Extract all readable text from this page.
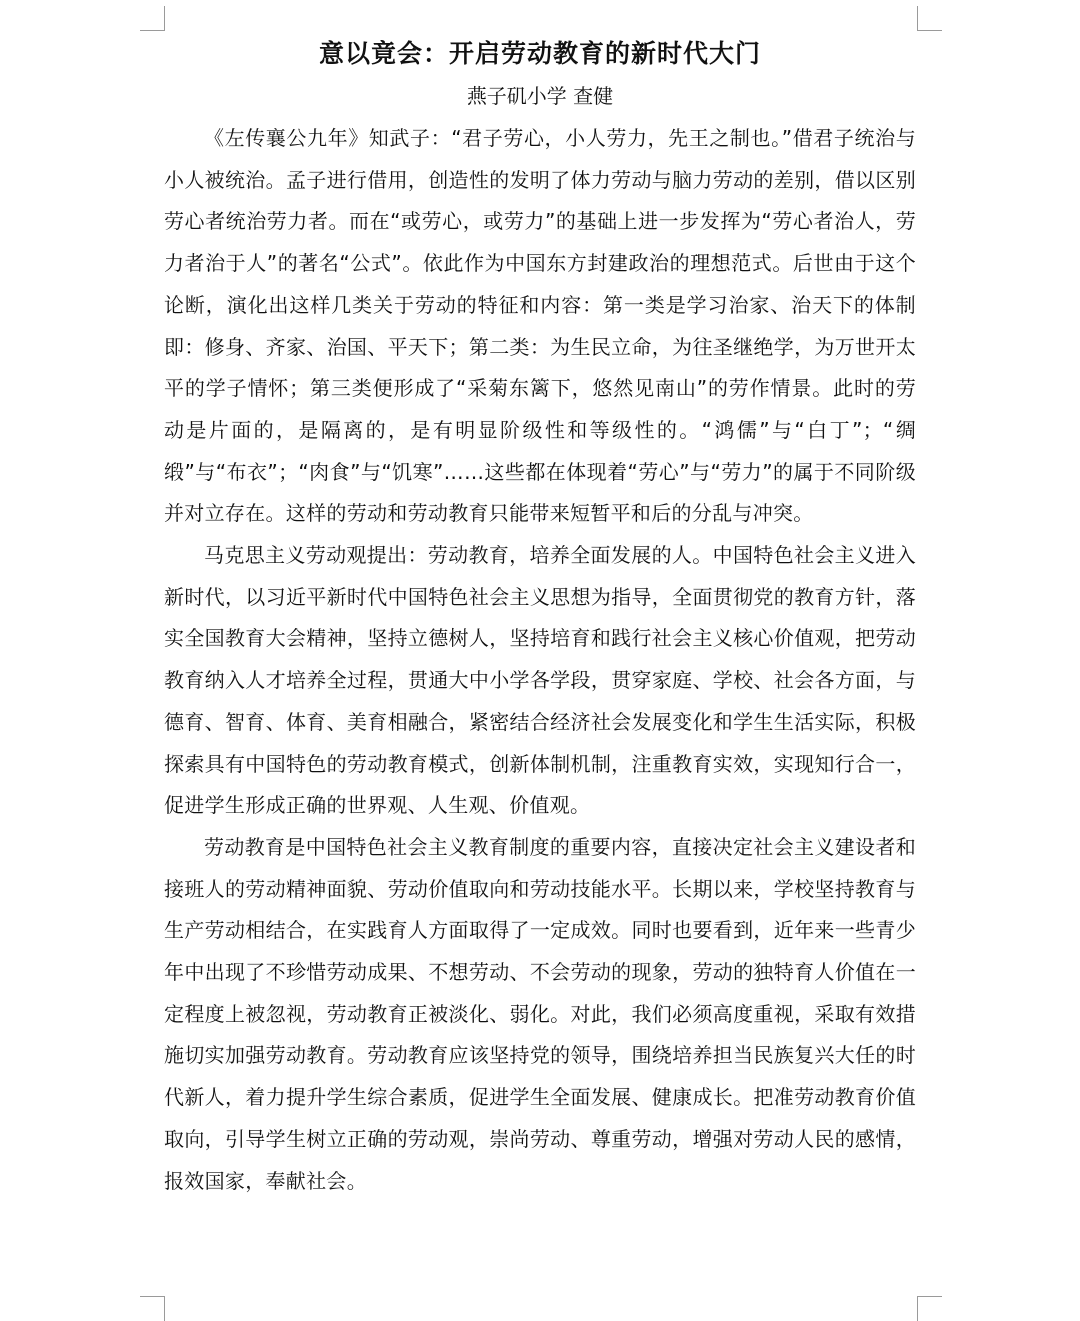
意以竟会：开启劳动教育的新时代大门
燕子矶小学 查健

《左传襄公九年》知武子：“君子劳心，小人劳力，先王之制也。”借君子统治与小人被统治。孟子进行借用，创造性的发明了体力劳动与脑力劳动的差别，借以区别劳心者统治劳力者。而在“或劳心，或劳力”的基础上进一步发挥为“劳心者治人，劳力者治于人”的著名“公式”。依此作为中国东方封建政治的理想范式。后世由于这个论断，演化出这样几类关于劳动的特征和内容：第一类是学习治家、治天下的体制即：修身、齐家、治国、平天下；第二类：为生民立命，为往圣继绝学，为万世开太平的学子情怀；第三类便形成了“采菊东篱下，悠然见南山”的劳作情景。此时的劳动是片面的，是隔离的，是有明显阶级性和等级性的。“鸿儒”与“白丁”；“绸缎”与“布衣”；“肉食”与“饥寒”……这些都在体现着“劳心”与“劳力”的属于不同阶级并对立存在。这样的劳动和劳动教育只能带来短暂平和后的分乱与冲突。

马克思主义劳动观提出：劳动教育，培养全面发展的人。中国特色社会主义进入新时代，以习近平新时代中国特色社会主义思想为指导，全面贯彻党的教育方针，落实全国教育大会精神，坚持立德树人，坚持培育和践行社会主义核心价值观，把劳动教育纳入人才培养全过程，贯通大中小学各学段，贯穿家庭、学校、社会各方面，与德育、智育、体育、美育相融合，紧密结合经济社会发展变化和学生生活实际，积极探索具有中国特色的劳动教育模式，创新体制机制，注重教育实效，实现知行合一，促进学生形成正确的世界观、人生观、价值观。

劳动教育是中国特色社会主义教育制度的重要内容，直接决定社会主义建设者和接班人的劳动精神面貌、劳动价值取向和劳动技能水平。长期以来，学校坚持教育与生产劳动相结合，在实践育人方面取得了一定成效。同时也要看到，近年来一些青少年中出现了不珍惜劳动成果、不想劳动、不会劳动的现象，劳动的独特育人价值在一定程度上被忽视，劳动教育正被淡化、弱化。对此，我们必须高度重视，采取有效措施切实加强劳动教育。劳动教育应该坚持党的领导，围绕培养担当民族复兴大任的时代新人，着力提升学生综合素质，促进学生全面发展、健康成长。把准劳动教育价值取向，引导学生树立正确的劳动观，崇尚劳动、尊重劳动，增强对劳动人民的感情，报效国家，奉献社会。
